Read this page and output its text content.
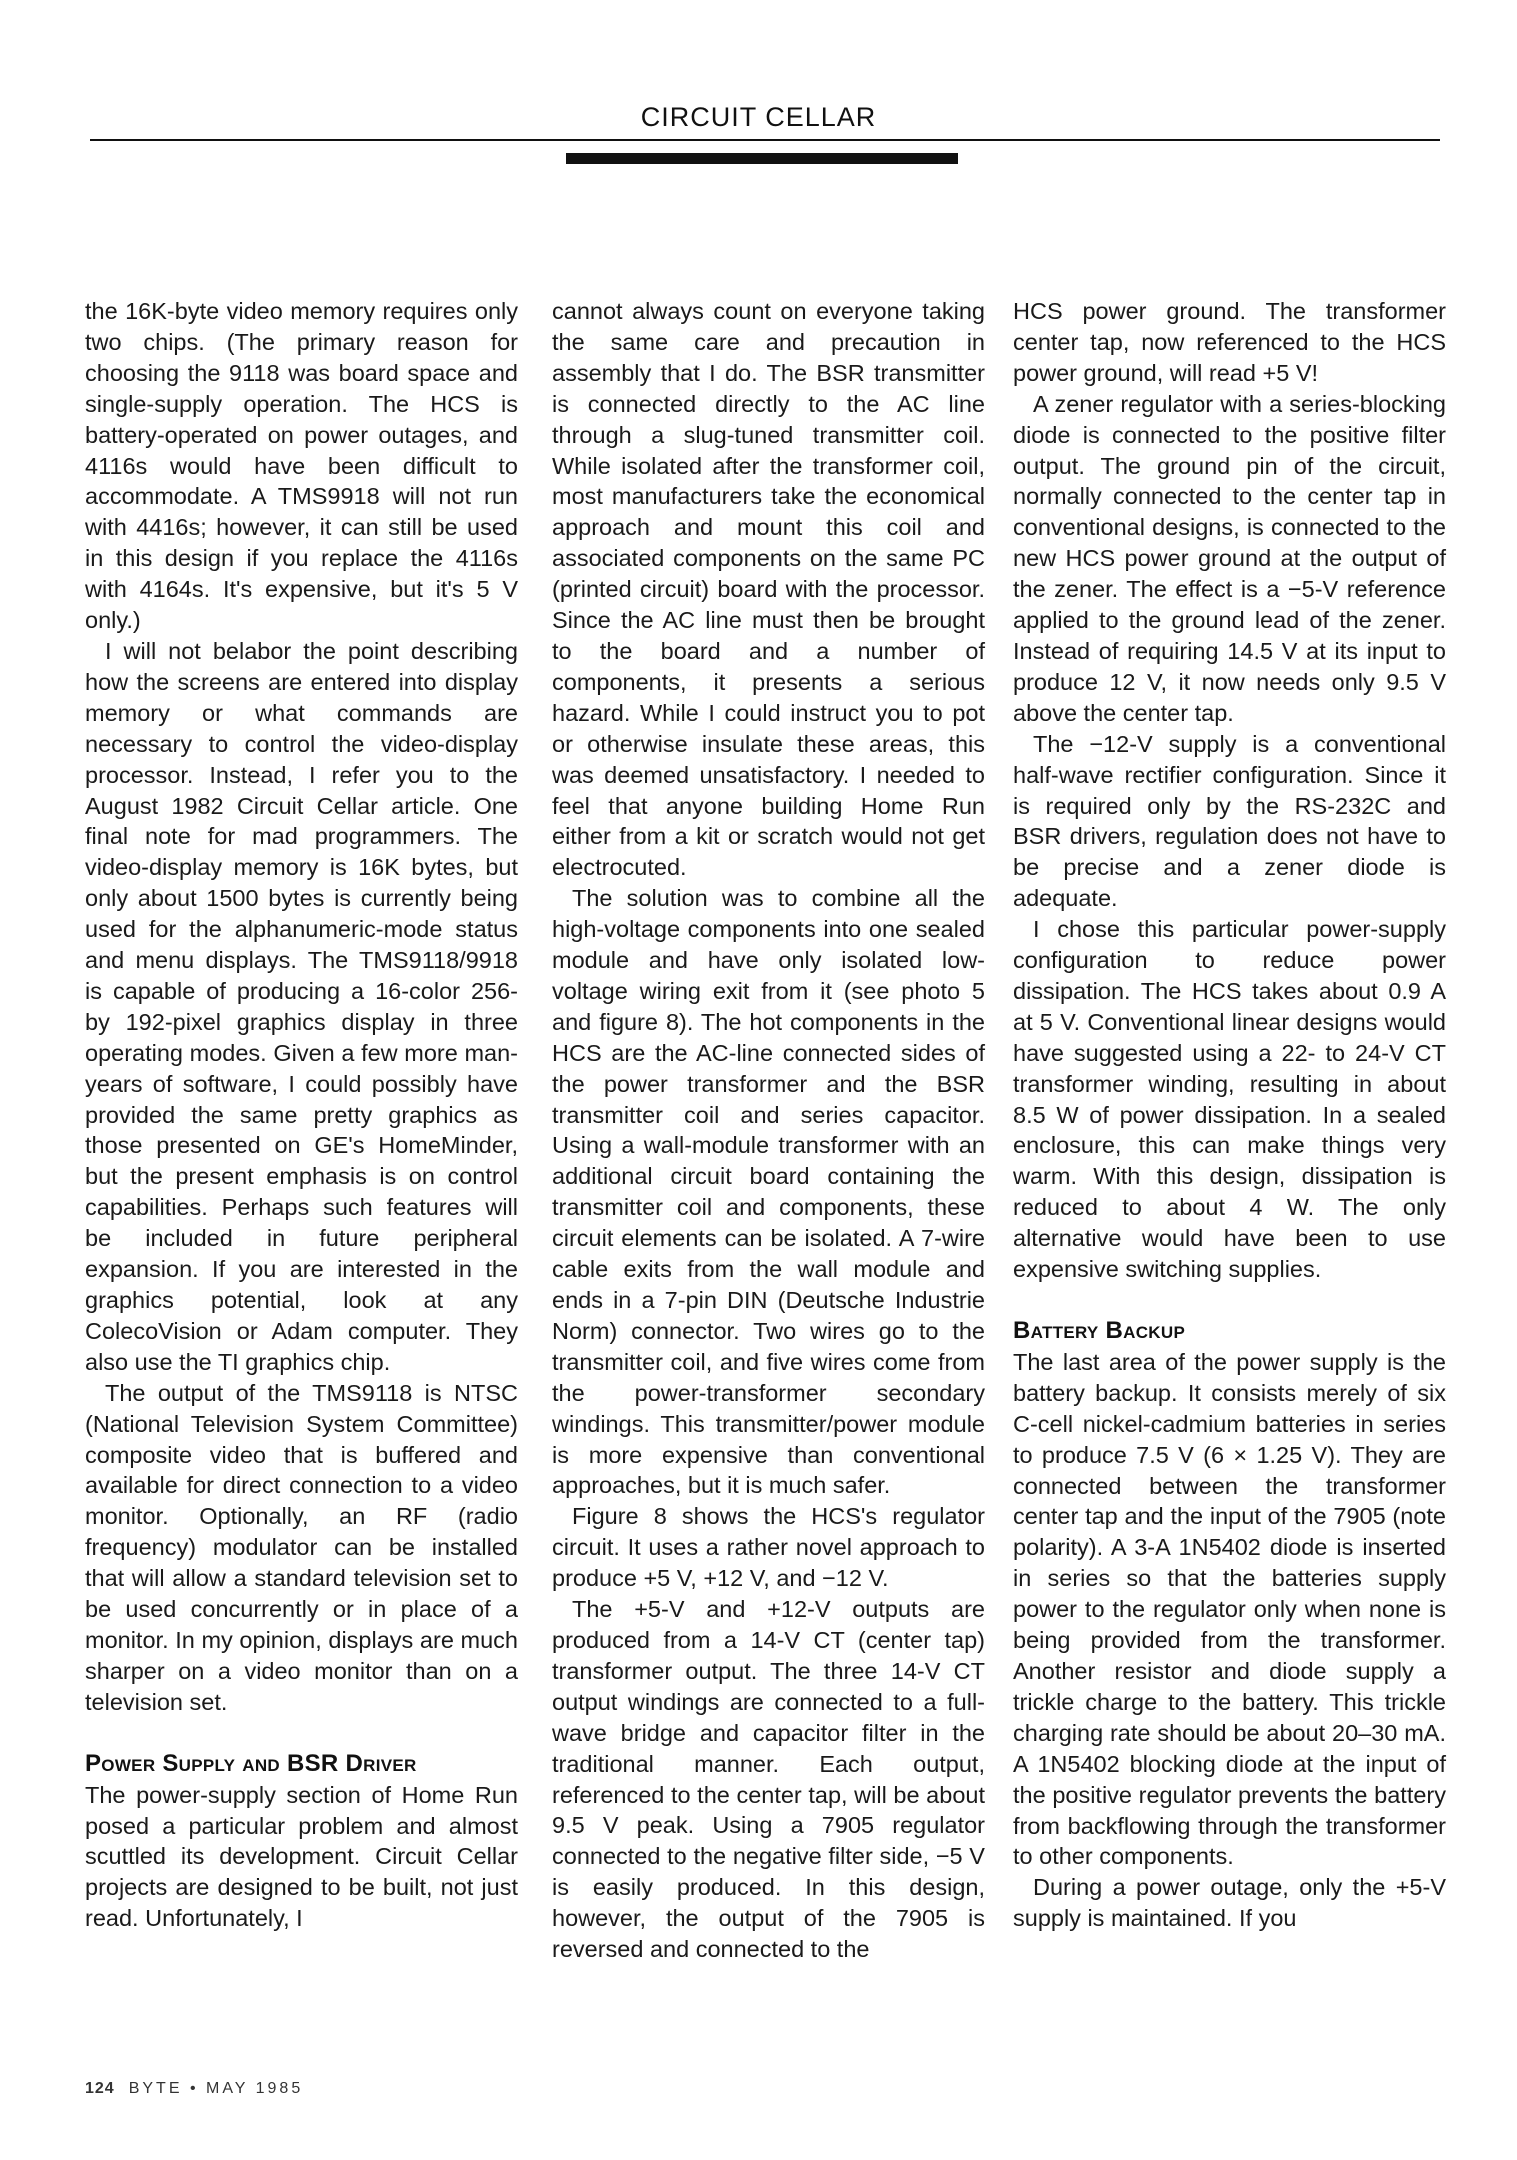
CIRCUIT CELLAR

the 16K-byte video memory requires only two chips. (The primary reason for choosing the 9118 was board space and single-supply operation. The HCS is battery-operated on power outages, and 4116s would have been difficult to accommodate. A TMS9918 will not run with 4416s; however, it can still be used in this design if you replace the 4116s with 4164s. It's expensive, but it's 5 V only.)

I will not belabor the point describing how the screens are entered into display memory or what commands are necessary to control the video-display processor. Instead, I refer you to the August 1982 Circuit Cellar article. One final note for mad programmers. The video-display memory is 16K bytes, but only about 1500 bytes is currently being used for the alphanumeric-mode status and menu displays. The TMS9118/9918 is capable of producing a 16-color 256- by 192-pixel graphics display in three operating modes. Given a few more man-years of software, I could possibly have provided the same pretty graphics as those presented on GE's HomeMinder, but the present emphasis is on control capabilities. Perhaps such features will be included in future peripheral expansion. If you are interested in the graphics potential, look at any ColecoVision or Adam computer. They also use the TI graphics chip.

The output of the TMS9118 is NTSC (National Television System Committee) composite video that is buffered and available for direct connection to a video monitor. Optionally, an RF (radio frequency) modulator can be installed that will allow a standard television set to be used concurrently or in place of a monitor. In my opinion, displays are much sharper on a video monitor than on a television set.

Power Supply and BSR Driver

The power-supply section of Home Run posed a particular problem and almost scuttled its development. Circuit Cellar projects are designed to be built, not just read. Unfortunately, I

cannot always count on everyone taking the same care and precaution in assembly that I do. The BSR transmitter is connected directly to the AC line through a slug-tuned transmitter coil. While isolated after the transformer coil, most manufacturers take the economical approach and mount this coil and associated components on the same PC (printed circuit) board with the processor. Since the AC line must then be brought to the board and a number of components, it presents a serious hazard. While I could instruct you to pot or otherwise insulate these areas, this was deemed unsatisfactory. I needed to feel that anyone building Home Run either from a kit or scratch would not get electrocuted.

The solution was to combine all the high-voltage components into one sealed module and have only isolated low-voltage wiring exit from it (see photo 5 and figure 8). The hot components in the HCS are the AC-line connected sides of the power transformer and the BSR transmitter coil and series capacitor. Using a wall-module transformer with an additional circuit board containing the transmitter coil and components, these circuit elements can be isolated. A 7-wire cable exits from the wall module and ends in a 7-pin DIN (Deutsche Industrie Norm) connector. Two wires go to the transmitter coil, and five wires come from the power-transformer secondary windings. This transmitter/power module is more expensive than conventional approaches, but it is much safer.

Figure 8 shows the HCS's regulator circuit. It uses a rather novel approach to produce +5 V, +12 V, and −12 V.

The +5-V and +12-V outputs are produced from a 14-V CT (center tap) transformer output. The three 14-V CT output windings are connected to a full-wave bridge and capacitor filter in the traditional manner. Each output, referenced to the center tap, will be about 9.5 V peak. Using a 7905 regulator connected to the negative filter side, −5 V is easily produced. In this design, however, the output of the 7905 is reversed and connected to the

HCS power ground. The transformer center tap, now referenced to the HCS power ground, will read +5 V!

A zener regulator with a series-blocking diode is connected to the positive filter output. The ground pin of the circuit, normally connected to the center tap in conventional designs, is connected to the new HCS power ground at the output of the zener. The effect is a −5-V reference applied to the ground lead of the zener. Instead of requiring 14.5 V at its input to produce 12 V, it now needs only 9.5 V above the center tap.

The −12-V supply is a conventional half-wave rectifier configuration. Since it is required only by the RS-232C and BSR drivers, regulation does not have to be precise and a zener diode is adequate.

I chose this particular power-supply configuration to reduce power dissipation. The HCS takes about 0.9 A at 5 V. Conventional linear designs would have suggested using a 22- to 24-V CT transformer winding, resulting in about 8.5 W of power dissipation. In a sealed enclosure, this can make things very warm. With this design, dissipation is reduced to about 4 W. The only alternative would have been to use expensive switching supplies.

Battery Backup

The last area of the power supply is the battery backup. It consists merely of six C-cell nickel-cadmium batteries in series to produce 7.5 V (6 × 1.25 V). They are connected between the transformer center tap and the input of the 7905 (note polarity). A 3-A 1N5402 diode is inserted in series so that the batteries supply power to the regulator only when none is being provided from the transformer. Another resistor and diode supply a trickle charge to the battery. This trickle charging rate should be about 20–30 mA. A 1N5402 blocking diode at the input of the positive regulator prevents the battery from backflowing through the transformer to other components.

During a power outage, only the +5-V supply is maintained. If you

124 BYTE • MAY 1985
